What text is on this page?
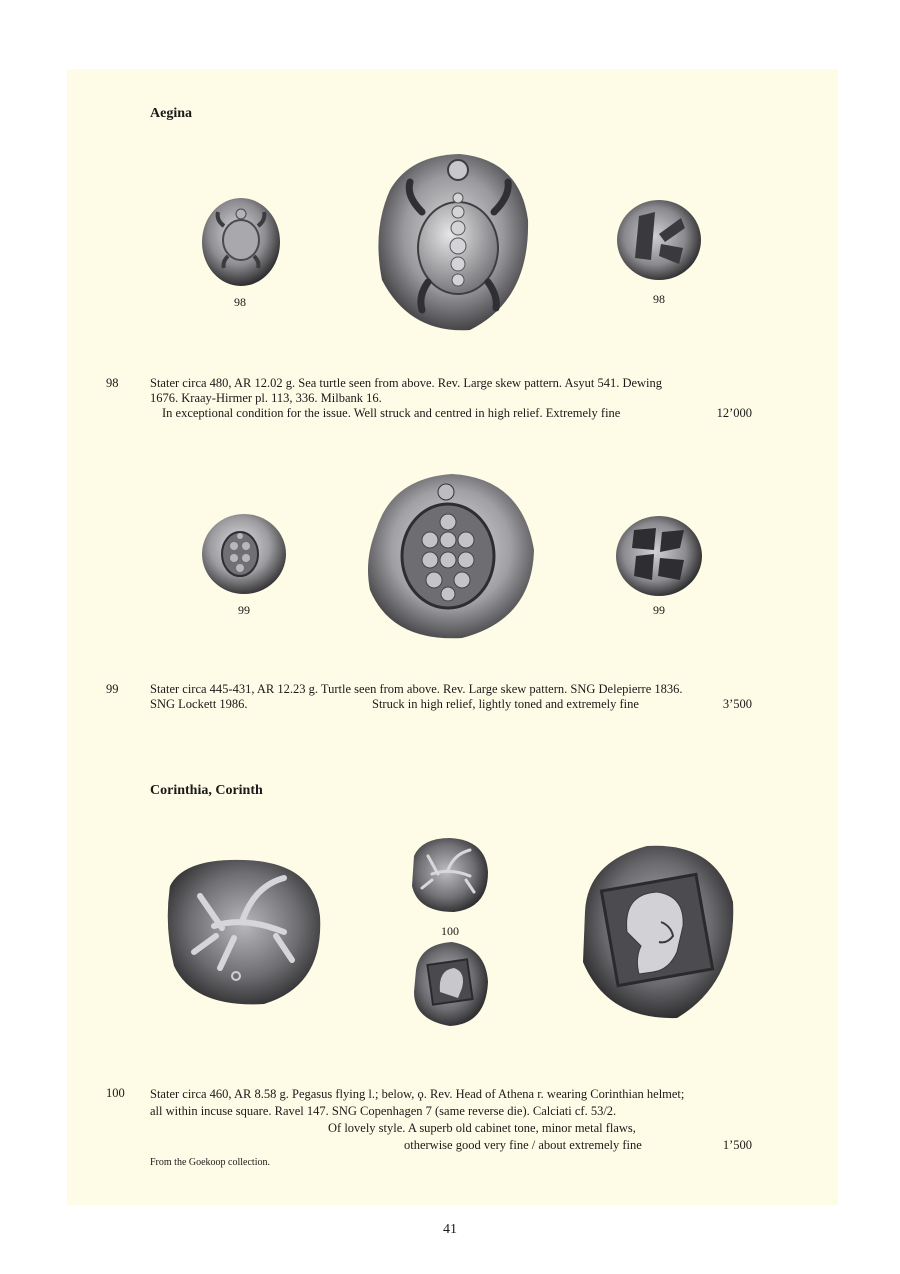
Aegina
98	98
98	Stater circa 480, AR 12.02 g. Sea turtle seen from above. Rev. Large skew pattern. Asyut 541. Dewing
1676. Kraay-Hirmer pl. 113, 336. Milbank 16.
In exceptional condition for the issue. Well struck and centred in high relief. Extremely fine	12’000
99	99
99	Stater circa 445-431, AR 12.23 g. Turtle seen from above. Rev. Large skew pattern. SNG Delepierre 1836.
SNG Lockett 1986.	Struck in high relief, lightly toned and extremely fine	3’500
Corinthia, Corinth
100
100 Stater circa 460, AR 8.58 g. Pegasus flying l.; below, ϙ. Rev. Head of Athena r. wearing Corinthian helmet;
all within incuse square. Ravel 147. SNG Copenhagen 7 (same reverse die). Calciati cf. 53/2.
Of lovely style. A superb old cabinet tone, minor metal flaws,
otherwise good very fine / about extremely fine	1’500
From the Goekoop collection.
41
